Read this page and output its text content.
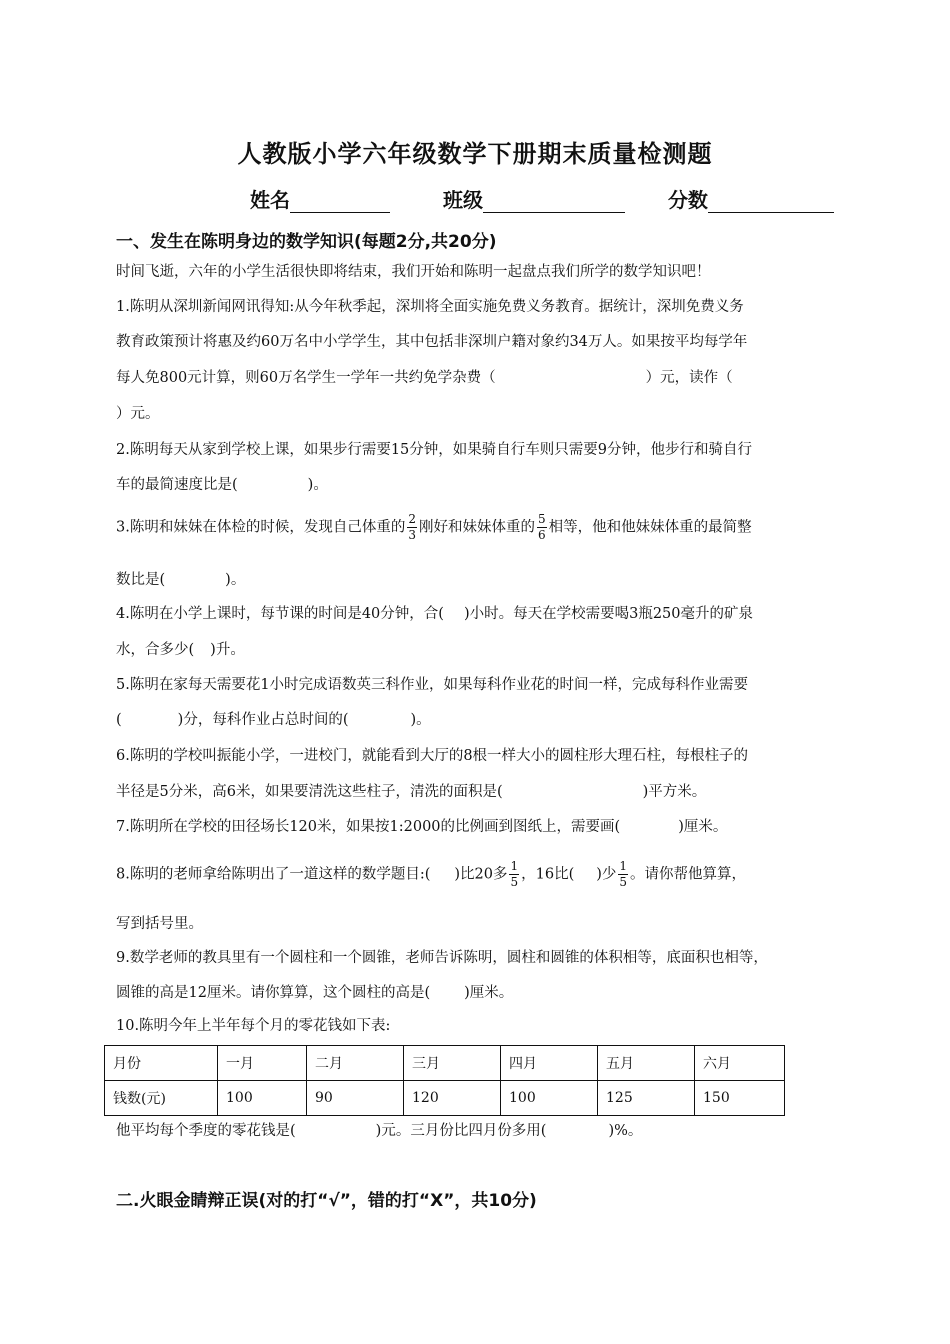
人教版小学六年级数学下册期末质量检测题
姓名	班级	分数
一、发生在陈明身边的数学知识(每题2分,共20分)
时间飞逝，六年的小学生活很快即将结束，我们开始和陈明一起盘点我们所学的数学知识吧！
1.陈明从深圳新闻网讯得知:从今年秋季起，深圳将全面实施免费义务教育。据统计，深圳免费义务
教育政策预计将惠及约60万名中小学学生，其中包括非深圳户籍对象约34万人。如果按平均每学年
每人免800元计算，则60万名学生一学年一共约免学杂费（	）元，读作（
）元。
2.陈明每天从家到学校上课，如果步行需要15分钟，如果骑自行车则只需要9分钟，他步行和骑自行
车的最简速度比是(	)。
3.陈明和妹妹在体检的时候，发现自己体重的 $\frac{2}{3}$ 刚好和妹妹体重的 $\frac{5}{6}$ 相等，他和他妹妹体重的最简整
数比是(	)。
4.陈明在小学上课时，每节课的时间是40分钟，合( )小时。每天在学校需要喝3瓶250毫升的矿泉
水，合多少( )升。
5.陈明在家每天需要花1小时完成语数英三科作业，如果每科作业花的时间一样，完成每科作业需要
(	)分，每科作业占总时间的(	)。
6.陈明的学校叫振能小学，一进校门，就能看到大厅的8根一样大小的圆柱形大理石柱，每根柱子的
半径是5分米，高6米，如果要清洗这些柱子，清洗的面积是(	)平方米。
7.陈明所在学校的田径场长120米，如果按1:2000的比例画到图纸上，需要画(	)厘米。
8.陈明的老师拿给陈明出了一道这样的数学题目:( )比20多 $\frac{1}{5}$ ，16比( )少 $\frac{1}{5}$ 。请你帮他算算，
写到括号里。
9.数学老师的教具里有一个圆柱和一个圆锥，老师告诉陈明，圆柱和圆锥的体积相等，底面积也相等，
圆锥的高是12厘米。请你算算，这个圆柱的高是( )厘米。
10.陈明今年上半年每个月的零花钱如下表:
月份	一月	二月	三月	四月	五月	六月
钱数(元)	100	90	120	100	125	150
他平均每个季度的零花钱是(	)元。三月份比四月份多用(	)%。
二.火眼金睛辩正误(对的打“√”，错的打“X”，共10分)
